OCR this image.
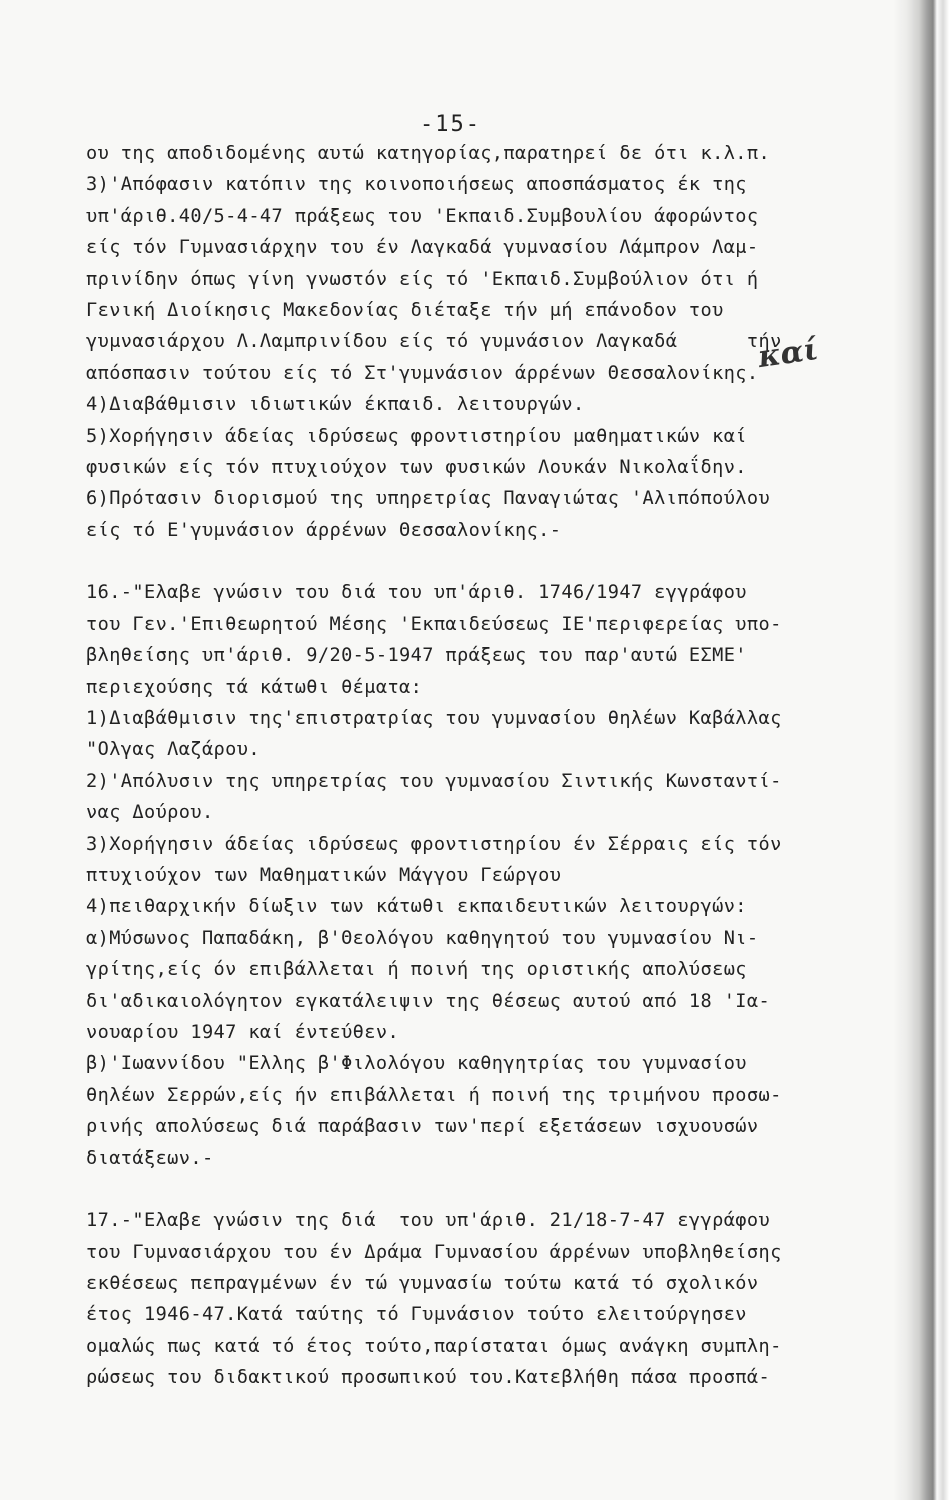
-15-
ου της αποδιδομένης αυτώ κατηγορίας,παρατηρεί δε ότι κ.λ.π.
3)'Απόφασιν κατόπιν της κοινοποιήσεως αποσπάσματος έκ της
υπ'άριθ.40/5-4-47 πράξεως του 'Εκπαιδ.Συμβουλίου άφορώντος
είς τόν Γυμνασιάρχην του έν Λαγκαδά γυμνασίου Λάμπρον Λαμ-
πρινίδην όπως γίνη γνωστόν είς τό 'Εκπαιδ.Συμβούλιον ότι ή
Γενική Διοίκησις Μακεδονίας διέταξε τήν μή επάνοδον του
γυμνασιάρχου Λ.Λαμπρινίδου είς τό γυμνάσιον Λαγκαδά      τήν
απόσπασιν τούτου είς τό Στ'γυμνάσιον άρρένων Θεσσαλονίκης.
4)Διαβάθμισιν ιδιωτικών έκπαιδ. λειτουργών.
5)Χορήγησιν άδείας ιδρύσεως φροντιστηρίου μαθηματικών καί
φυσικών είς τόν πτυχιούχον των φυσικών Λουκάν Νικολαΐδην.
6)Πρότασιν διορισμού της υπηρετρίας Παναγιώτας 'Αλιπόπούλου
είς τό Ε'γυμνάσιον άρρένων Θεσσαλονίκης.-
16.-"Ελαβε γνώσιν του διά του υπ'άριθ. 1746/1947 εγγράφου
του Γεν.'Επιθεωρητού Μέσης 'Εκπαιδεύσεως ΙΕ'περιφερείας υπο-
βληθείσης υπ'άριθ. 9/20-5-1947 πράξεως του παρ'αυτώ ΕΣΜΕ'
περιεχούσης τά κάτωθι θέματα:
1)Διαβάθμισιν της'επιστρατρίας του γυμνασίου θηλέων Καβάλλας
"Ολγας Λαζάρου.
2)'Απόλυσιν της υπηρετρίας του γυμνασίου Σιντικής Κωνσταντί-
νας Δούρου.
3)Χορήγησιν άδείας ιδρύσεως φροντιστηρίου έν Σέρραις είς τόν
πτυχιούχον των Μαθηματικών Μάγγου Γεώργου
4)πειθαρχικήν δίωξιν των κάτωθι εκπαιδευτικών λειτουργών:
α)Μύσωνος Παπαδάκη, β'Θεολόγου καθηγητού του γυμνασίου Νι-
γρίτης,είς όν επιβάλλεται ή ποινή της οριστικής απολύσεως
δι'αδικαιολόγητον εγκατάλειψιν της θέσεως αυτού από 18 'Ια-
νουαρίου 1947 καί έντεύθεν.
β)'Ιωαννίδου "Ελλης β'Φιλολόγου καθηγητρίας του γυμνασίου
θηλέων Σερρών,είς ήν επιβάλλεται ή ποινή της τριμήνου προσω-
ρινής απολύσεως διά παράβασιν των'περί εξετάσεων ισχυουσών
διατάξεων.-
17.-"Ελαβε γνώσιν της διά  του υπ'άριθ. 21/18-7-47 εγγράφου
του Γυμνασιάρχου του έν Δράμα Γυμνασίου άρρένων υποβληθείσης
εκθέσεως πεπραγμένων έν τώ γυμνασίω τούτω κατά τό σχολικόν
έτος 1946-47.Κατά ταύτης τό Γυμνάσιον τούτο ελειτούργησεν
ομαλώς πως κατά τό έτος τούτο,παρίσταται όμως ανάγκη συμπλη-
ρώσεως του διδακτικού προσωπικού του.Κατεβλήθη πάσα προσπά-
καί
